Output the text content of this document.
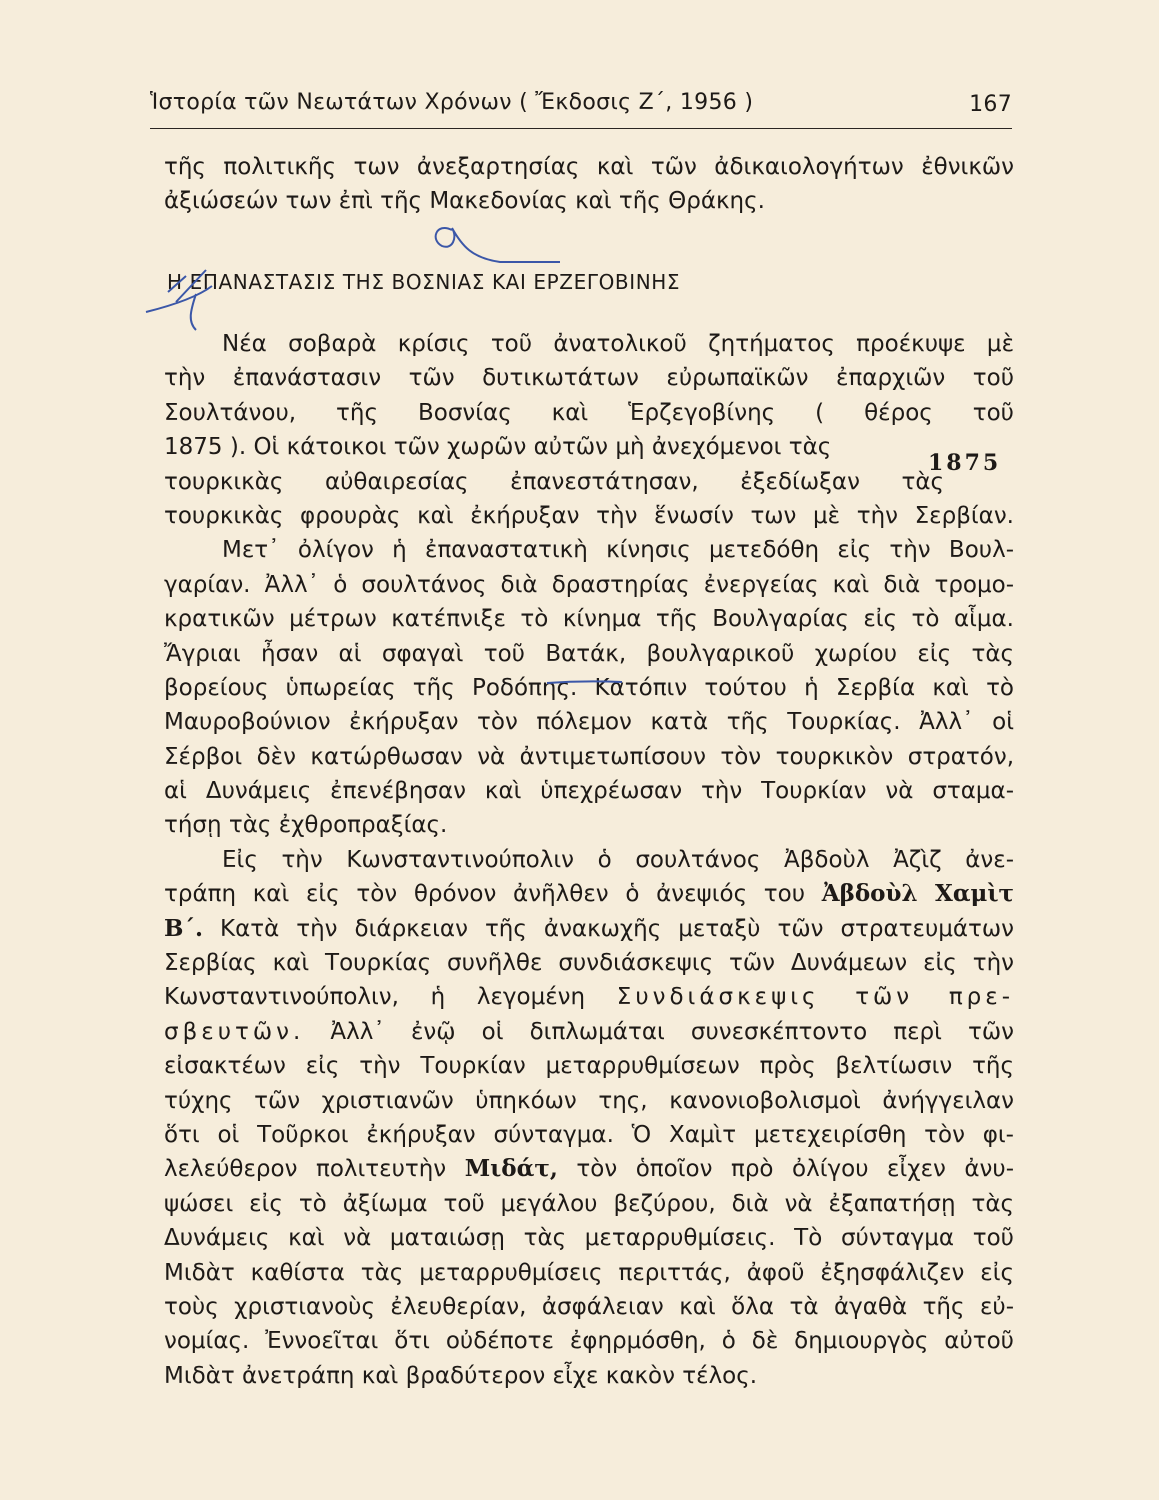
Ἱστορία τῶν Νεωτάτων Χρόνων ( Ἔκδοσις Ζ΄, 1956 )	167
τῆς πολιτικῆς των ἀνεξαρτησίας καὶ τῶν ἀδικαιολογήτων ἐθνικῶν
ἀξιώσεών των ἐπὶ τῆς Μακεδονίας καὶ τῆς Θράκης.
Η ΕΠΑΝΑΣΤΑΣΙΣ ΤΗΣ ΒΟΣΝΙΑΣ ΚΑΙ ΕΡΖΕΓΟΒΙΝΗΣ
1875
Νέα σοβαρὰ κρίσις τοῦ ἀνατολικοῦ ζητήματος προέκυψε μὲ
τὴν ἐπανάστασιν τῶν δυτικωτάτων εὐρωπαϊκῶν ἐπαρχιῶν τοῦ
Σουλτάνου, τῆς Βοσνίας καὶ Ἑρζεγοβίνης ( θέρος τοῦ
1875 ). Οἱ κάτοικοι τῶν χωρῶν αὐτῶν μὴ ἀνεχόμενοι τὰς
τουρκικὰς αὐθαιρεσίας ἐπανεστάτησαν, ἐξεδίωξαν τὰς
τουρκικὰς φρουρὰς καὶ ἐκήρυξαν τὴν ἕνωσίν των μὲ τὴν Σερβίαν.
Μετ᾽ ὀλίγον ἡ ἐπαναστατικὴ κίνησις μετεδόθη εἰς τὴν Βουλ-
γαρίαν. Ἀλλ᾽ ὁ σουλτάνος διὰ δραστηρίας ἐνεργείας καὶ διὰ τρομο-
κρατικῶν μέτρων κατέπνιξε τὸ κίνημα τῆς Βουλγαρίας εἰς τὸ αἷμα.
Ἄγριαι ἦσαν αἱ σφαγαὶ τοῦ Βατάκ, βουλγαρικοῦ χωρίου εἰς τὰς
βορείους ὑπωρείας τῆς Ροδόπης. Κατόπιν τούτου ἡ Σερβία καὶ τὸ
Μαυροβούνιον ἐκήρυξαν τὸν πόλεμον κατὰ τῆς Τουρκίας. Ἀλλ᾽ οἱ
Σέρβοι δὲν κατώρθωσαν νὰ ἀντιμετωπίσουν τὸν τουρκικὸν στρατόν,
αἱ Δυνάμεις ἐπενέβησαν καὶ ὑπεχρέωσαν τὴν Τουρκίαν νὰ σταμα-
τήσῃ τὰς ἐχθροπραξίας.
Εἰς τὴν Κωνσταντινούπολιν ὁ σουλτάνος Ἀβδοὺλ Ἀζὶζ ἀνε-
τράπη καὶ εἰς τὸν θρόνον ἀνῆλθεν ὁ ἀνεψιός του Ἀβδοὺλ Χαμὶτ
Β΄. Κατὰ τὴν διάρκειαν τῆς ἀνακωχῆς μεταξὺ τῶν στρατευμάτων
Σερβίας καὶ Τουρκίας συνῆλθε συνδιάσκεψις τῶν Δυνάμεων εἰς τὴν
Κωνσταντινούπολιν, ἡ λεγομένη Συνδιάσκεψις τῶν πρε-
σβευτῶν. Ἀλλ᾽ ἐνῷ οἱ διπλωμάται συνεσκέπτοντο περὶ τῶν
εἰσακτέων εἰς τὴν Τουρκίαν μεταρρυθμίσεων πρὸς βελτίωσιν τῆς
τύχης τῶν χριστιανῶν ὑπηκόων της, κανονιοβολισμοὶ ἀνήγγειλαν
ὅτι οἱ Τοῦρκοι ἐκήρυξαν σύνταγμα. Ὁ Χαμὶτ μετεχειρίσθη τὸν φι-
λελεύθερον πολιτευτὴν Μιδάτ, τὸν ὁποῖον πρὸ ὀλίγου εἶχεν ἀνυ-
ψώσει εἰς τὸ ἀξίωμα τοῦ μεγάλου βεζύρου, διὰ νὰ ἐξαπατήσῃ τὰς
Δυνάμεις καὶ νὰ ματαιώσῃ τὰς μεταρρυθμίσεις. Τὸ σύνταγμα τοῦ
Μιδὰτ καθίστα τὰς μεταρρυθμίσεις περιττάς, ἀφοῦ ἐξησφάλιζεν εἰς
τοὺς χριστιανοὺς ἐλευθερίαν, ἀσφάλειαν καὶ ὅλα τὰ ἀγαθὰ τῆς εὐ-
νομίας. Ἐννοεῖται ὅτι οὐδέποτε ἐφηρμόσθη, ὁ δὲ δημιουργὸς αὐτοῦ
Μιδὰτ ἀνετράπη καὶ βραδύτερον εἶχε κακὸν τέλος.
